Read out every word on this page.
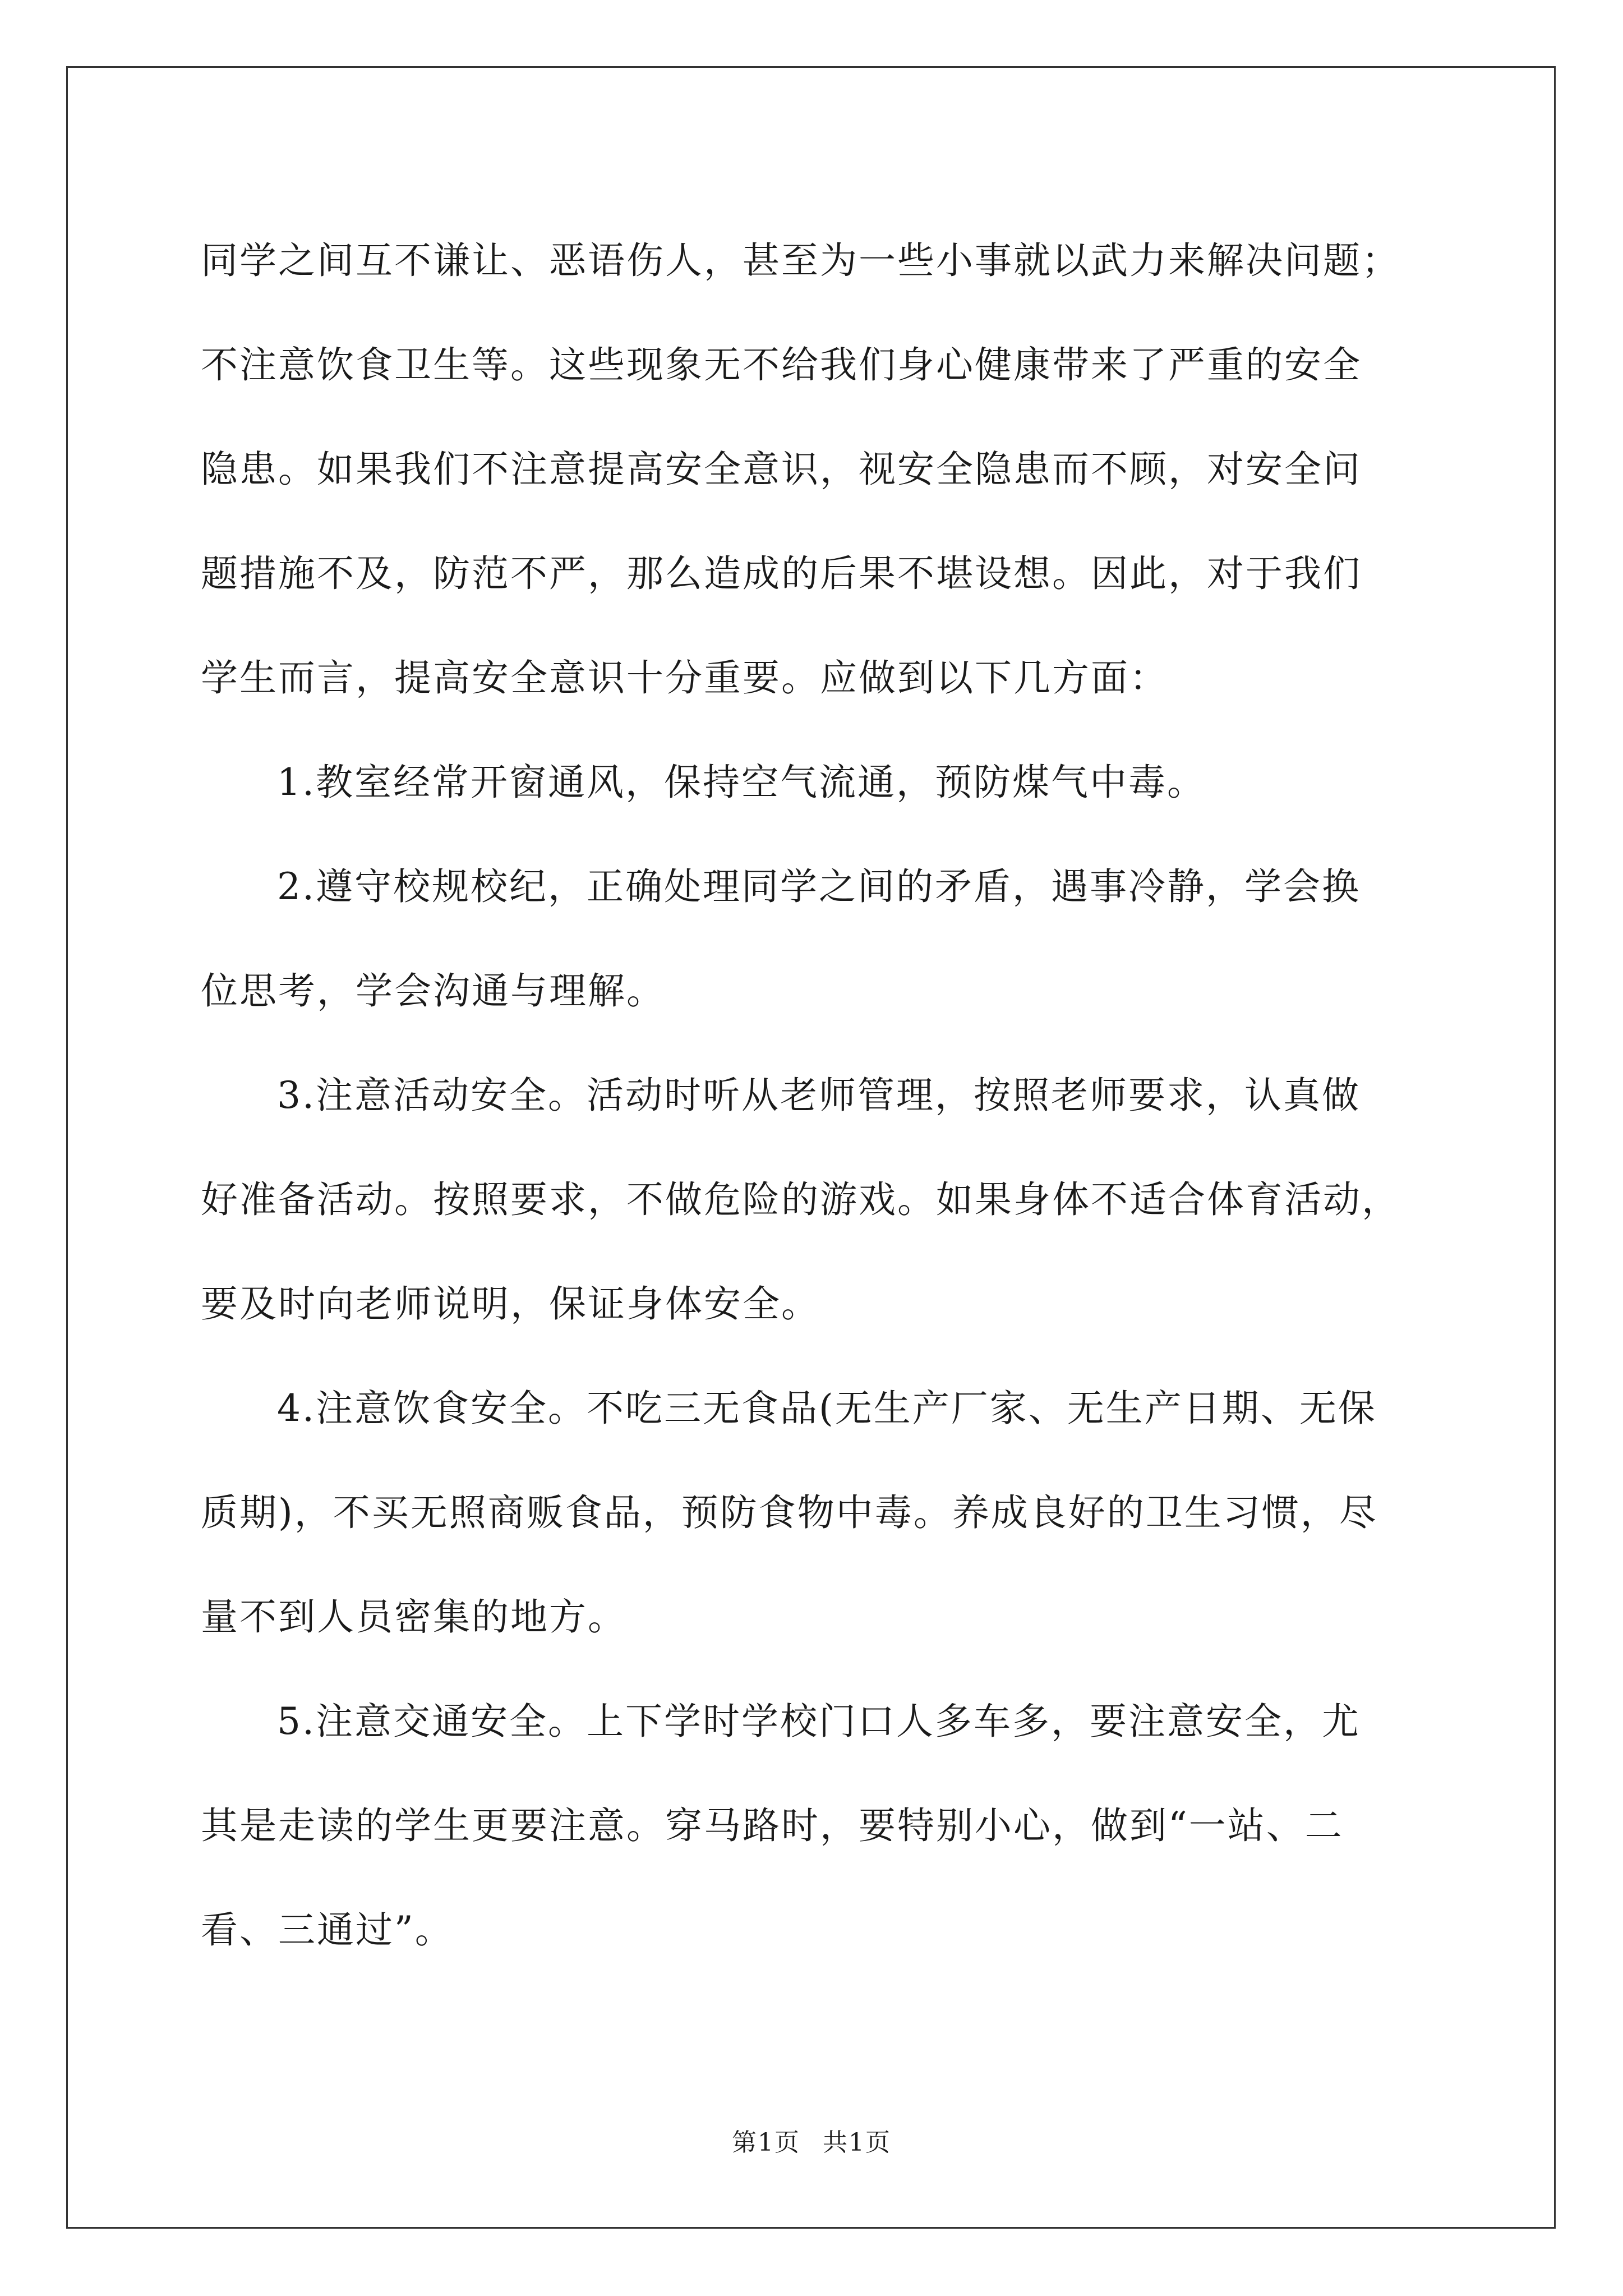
同学之间互不谦让、恶语伤人，甚至为一些小事就以武力来解决问题；
不注意饮食卫生等。这些现象无不给我们身心健康带来了严重的安全
隐患。如果我们不注意提高安全意识，视安全隐患而不顾，对安全问
题措施不及，防范不严，那么造成的后果不堪设想。因此，对于我们
学生而言，提高安全意识十分重要。应做到以下几方面：

1.教室经常开窗通风，保持空气流通，预防煤气中毒。

2.遵守校规校纪，正确处理同学之间的矛盾，遇事冷静，学会换
位思考，学会沟通与理解。

3.注意活动安全。活动时听从老师管理，按照老师要求，认真做
好准备活动。按照要求，不做危险的游戏。如果身体不适合体育活动，
要及时向老师说明，保证身体安全。

4.注意饮食安全。不吃三无食品(无生产厂家、无生产日期、无保
质期)，不买无照商贩食品，预防食物中毒。养成良好的卫生习惯，尽
量不到人员密集的地方。

5.注意交通安全。上下学时学校门口人多车多，要注意安全，尤
其是走读的学生更要注意。穿马路时，要特别小心，做到“一站、二
看、三通过”。

第1页 共1页
